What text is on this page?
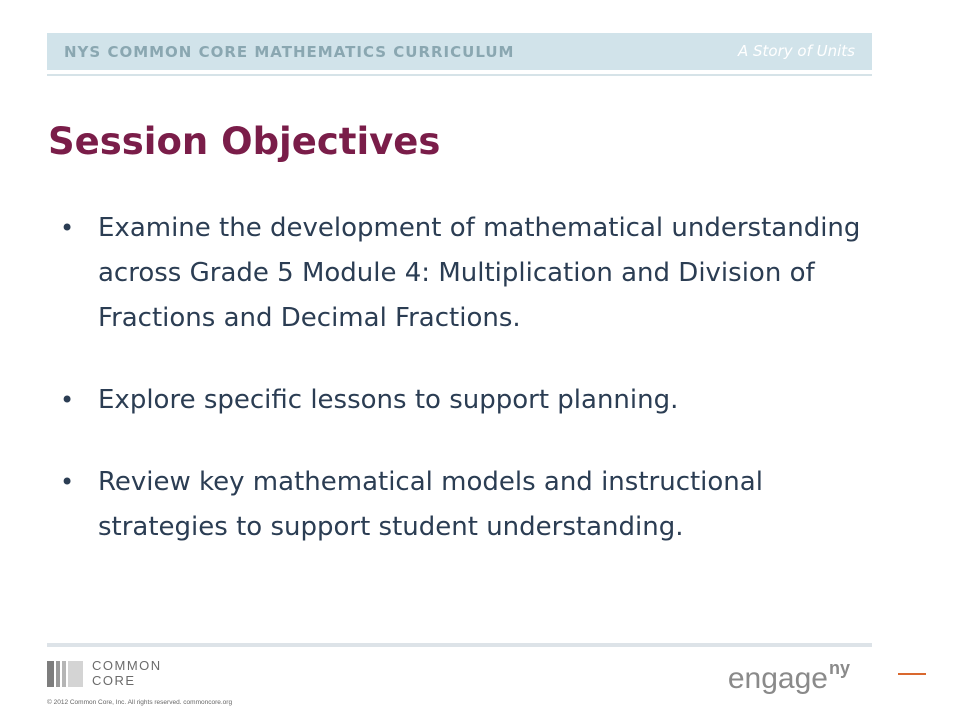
NYS COMMON CORE MATHEMATICS CURRICULUM	A Story of Units
Session Objectives
• Examine the development of mathematical understanding across Grade 5 Module 4: Multiplication and Division of Fractions and Decimal Fractions.
• Explore specific lessons to support planning.
• Review key mathematical models and instructional strategies to support student understanding.
COMMON
CORE
© 2012 Common Core, Inc. All rights reserved. commoncore.org
engage$^{ny}$
